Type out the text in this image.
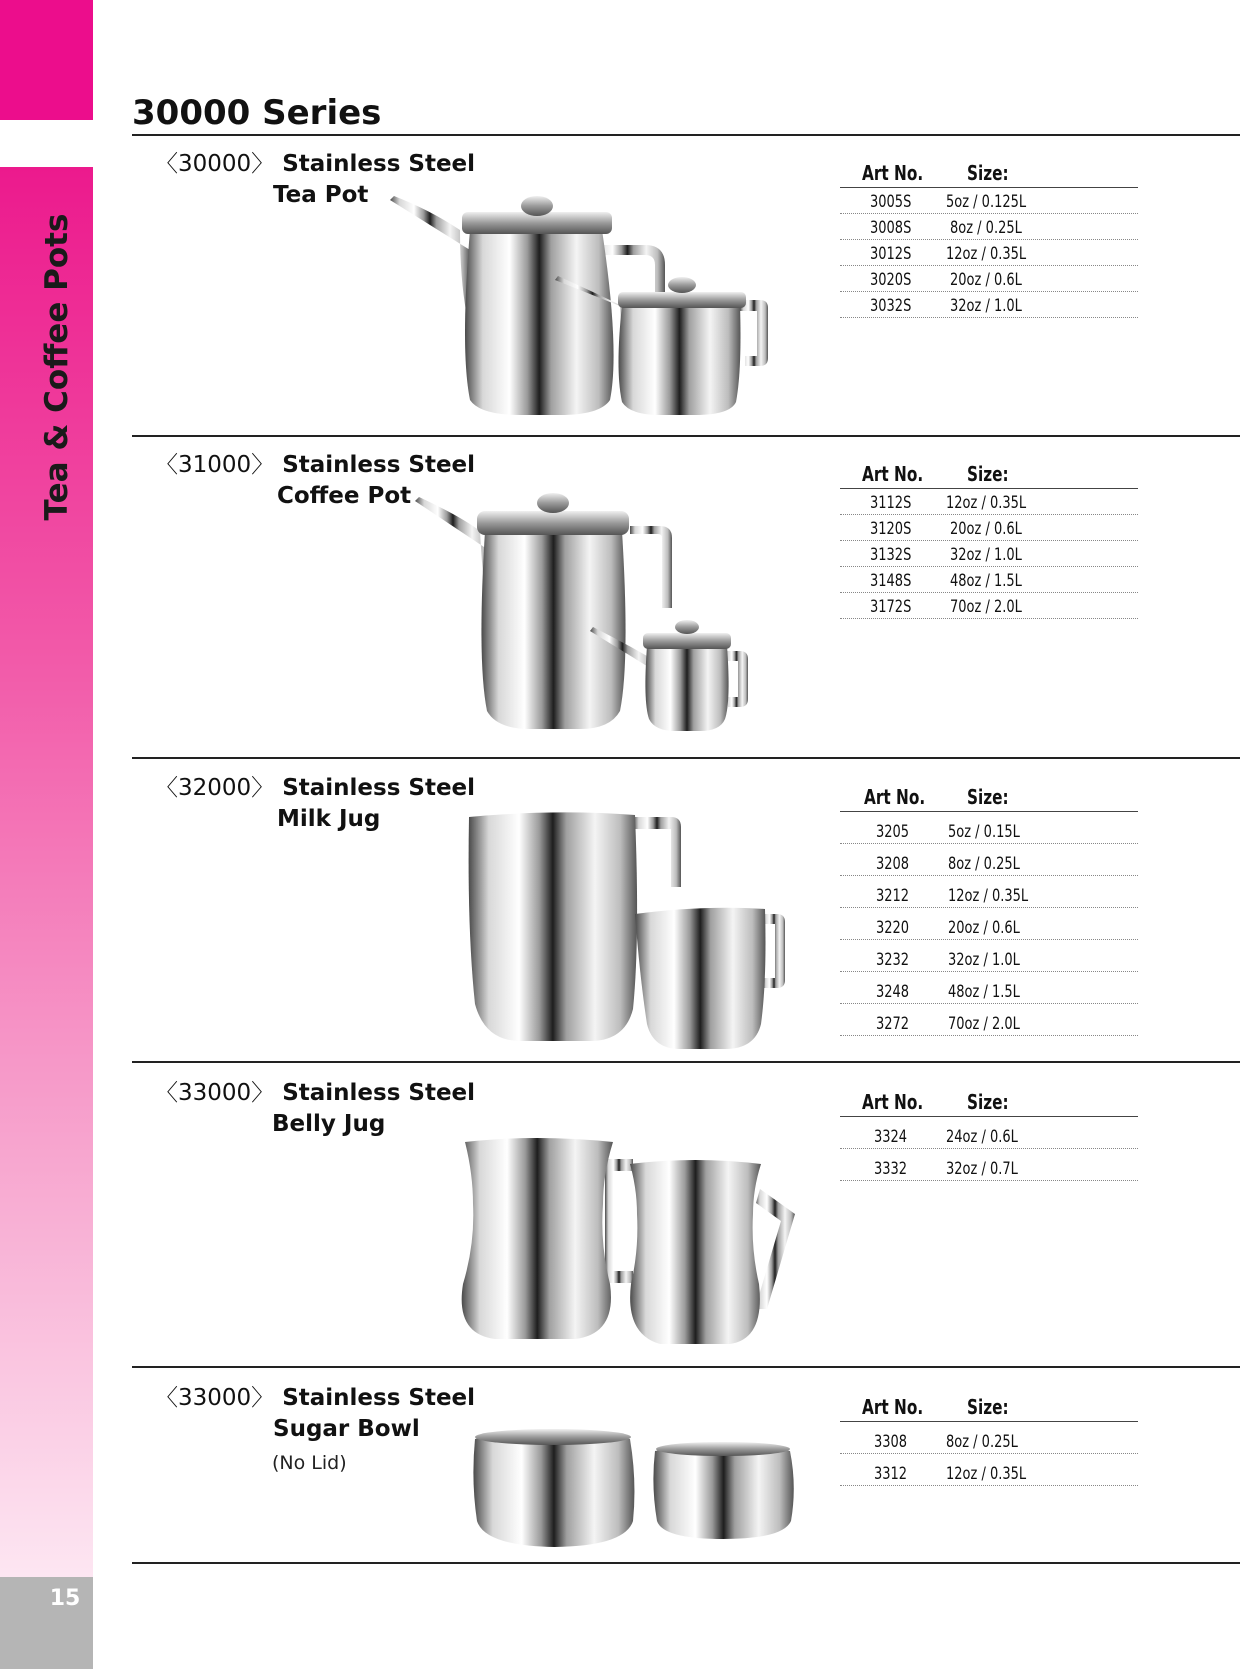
Tea & Coffee Pots
15
30000 Series
〈30000〉 Stainless Steel
Tea Pot
Art No. Size:
3005S 5oz / 0.125L
3008S 8oz / 0.25L
3012S 12oz / 0.35L
3020S 20oz / 0.6L
3032S 32oz / 1.0L
〈31000〉 Stainless Steel
Coffee Pot
Art No. Size:
3112S 12oz / 0.35L
3120S 20oz / 0.6L
3132S 32oz / 1.0L
3148S 48oz / 1.5L
3172S 70oz / 2.0L
〈32000〉 Stainless Steel
Milk Jug
Art No. Size:
3205 5oz / 0.15L
3208 8oz / 0.25L
3212 12oz / 0.35L
3220 20oz / 0.6L
3232 32oz / 1.0L
3248 48oz / 1.5L
3272 70oz / 2.0L
〈33000〉 Stainless Steel
Belly Jug
Art No. Size:
3324 24oz / 0.6L
3332 32oz / 0.7L
〈33000〉 Stainless Steel
Sugar Bowl
(No Lid)
Art No. Size:
3308 8oz / 0.25L
3312 12oz / 0.35L
